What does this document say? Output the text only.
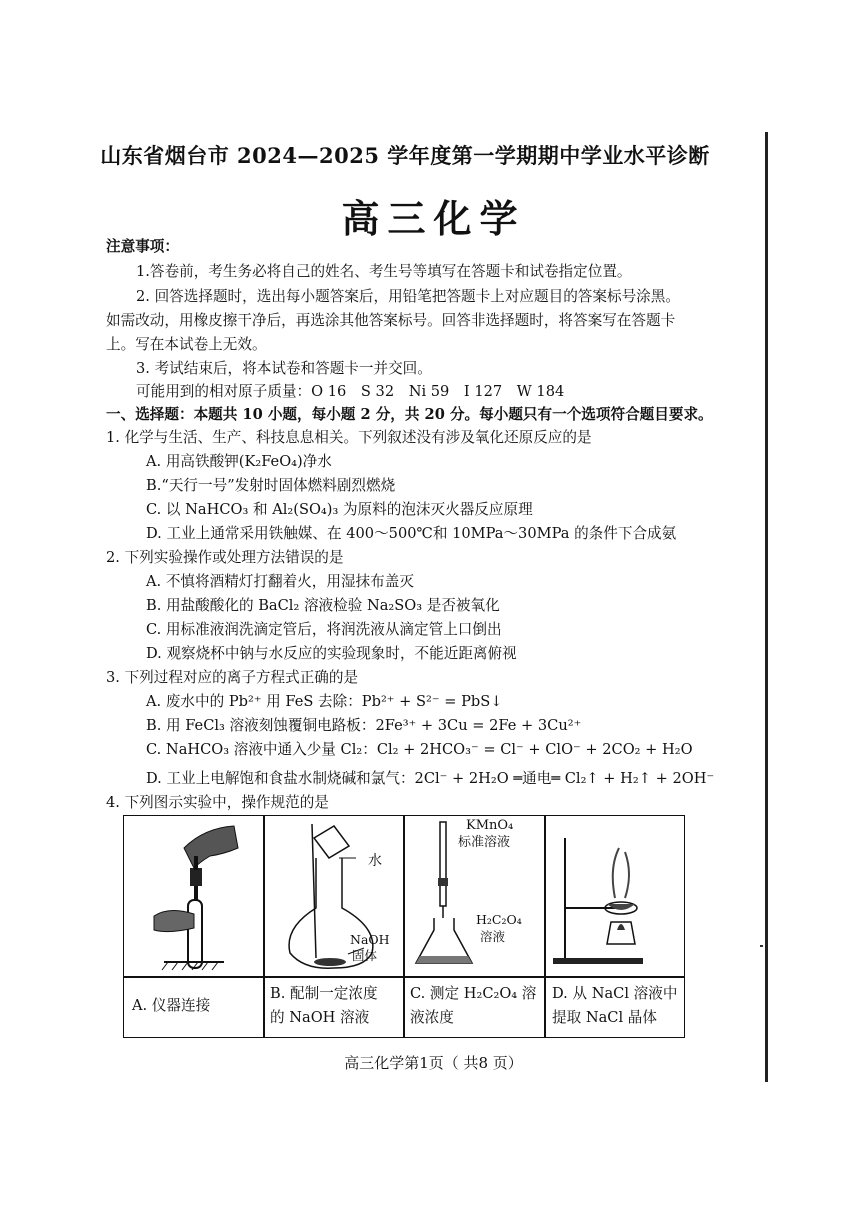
山东省烟台市 2024—2025 学年度第一学期期中学业水平诊断
高三化学
注意事项：
1.答卷前，考生务必将自己的姓名、考生号等填写在答题卡和试卷指定位置。
2. 回答选择题时，选出每小题答案后，用铅笔把答题卡上对应题目的答案标号涂黑。
如需改动，用橡皮擦干净后，再选涂其他答案标号。回答非选择题时，将答案写在答题卡
上。写在本试卷上无效。
3. 考试结束后，将本试卷和答题卡一并交回。
可能用到的相对原子质量：O 16　S 32　Ni 59　I 127　W 184
一、选择题：本题共 10 小题，每小题 2 分，共 20 分。每小题只有一个选项符合题目要求。
1. 化学与生活、生产、科技息息相关。下列叙述没有涉及氧化还原反应的是
A. 用高铁酸钾(K₂FeO₄)净水
B.“天行一号”发射时固体燃料剧烈燃烧
C. 以 NaHCO₃ 和 Al₂(SO₄)₃ 为原料的泡沫灭火器反应原理
D. 工业上通常采用铁触媒、在 400～500℃和 10MPa～30MPa 的条件下合成氨
2. 下列实验操作或处理方法错误的是
A. 不慎将酒精灯打翻着火，用湿抹布盖灭
B. 用盐酸酸化的 BaCl₂ 溶液检验 Na₂SO₃ 是否被氧化
C. 用标准液润洗滴定管后，将润洗液从滴定管上口倒出
D. 观察烧杯中钠与水反应的实验现象时，不能近距离俯视
3. 下列过程对应的离子方程式正确的是
A. 废水中的 Pb²⁺ 用 FeS 去除：Pb²⁺ + S²⁻ = PbS↓
B. 用 FeCl₃ 溶液刻蚀覆铜电路板：2Fe³⁺ + 3Cu = 2Fe + 3Cu²⁺
C. NaHCO₃ 溶液中通入少量 Cl₂：Cl₂ + 2HCO₃⁻ = Cl⁻ + ClO⁻ + 2CO₂ + H₂O
D. 工业上电解饱和食盐水制烧碱和氯气：2Cl⁻ + 2H₂O ═通电═ Cl₂↑ + H₂↑ + 2OH⁻
4. 下列图示实验中，操作规范的是
水
NaOH
固体
KMnO₄
标准溶液
H₂C₂O₄
溶液
A. 仪器连接
B. 配制一定浓度
的 NaOH 溶液
C. 测定 H₂C₂O₄ 溶
液浓度
D. 从 NaCl 溶液中
提取 NaCl 晶体
高三化学第1页（ 共8 页）
